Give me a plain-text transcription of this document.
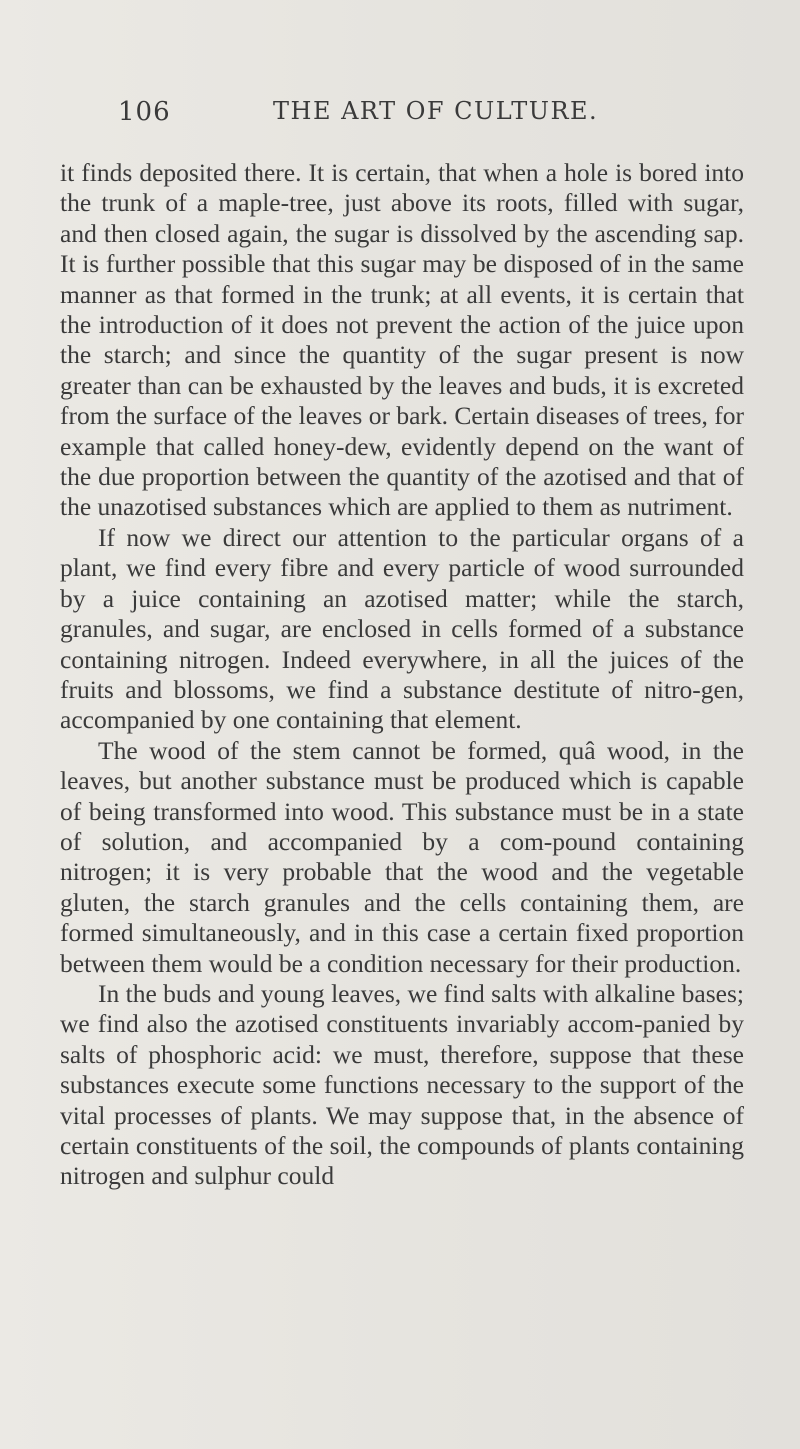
106	THE ART OF CULTURE.

it finds deposited there. It is certain, that when a hole is bored into the trunk of a maple-tree, just above its roots, filled with sugar, and then closed again, the sugar is dissolved by the ascending sap. It is further possible that this sugar may be disposed of in the same manner as that formed in the trunk; at all events, it is certain that the introduction of it does not prevent the action of the juice upon the starch; and since the quantity of the sugar present is now greater than can be exhausted by the leaves and buds, it is excreted from the surface of the leaves or bark. Certain diseases of trees, for example that called honey-dew, evidently depend on the want of the due proportion between the quantity of the azotised and that of the unazotised substances which are applied to them as nutriment.

If now we direct our attention to the particular organs of a plant, we find every fibre and every particle of wood surrounded by a juice containing an azotised matter; while the starch, granules, and sugar, are enclosed in cells formed of a substance containing nitrogen. Indeed everywhere, in all the juices of the fruits and blossoms, we find a substance destitute of nitro-gen, accompanied by one containing that element.

The wood of the stem cannot be formed, quâ wood, in the leaves, but another substance must be produced which is capable of being transformed into wood. This substance must be in a state of solution, and accompanied by a com-pound containing nitrogen; it is very probable that the wood and the vegetable gluten, the starch granules and the cells containing them, are formed simultaneously, and in this case a certain fixed proportion between them would be a condition necessary for their production.

In the buds and young leaves, we find salts with alkaline bases; we find also the azotised constituents invariably accom-panied by salts of phosphoric acid: we must, therefore, suppose that these substances execute some functions necessary to the support of the vital processes of plants. We may suppose that, in the absence of certain constituents of the soil, the compounds of plants containing nitrogen and sulphur could
